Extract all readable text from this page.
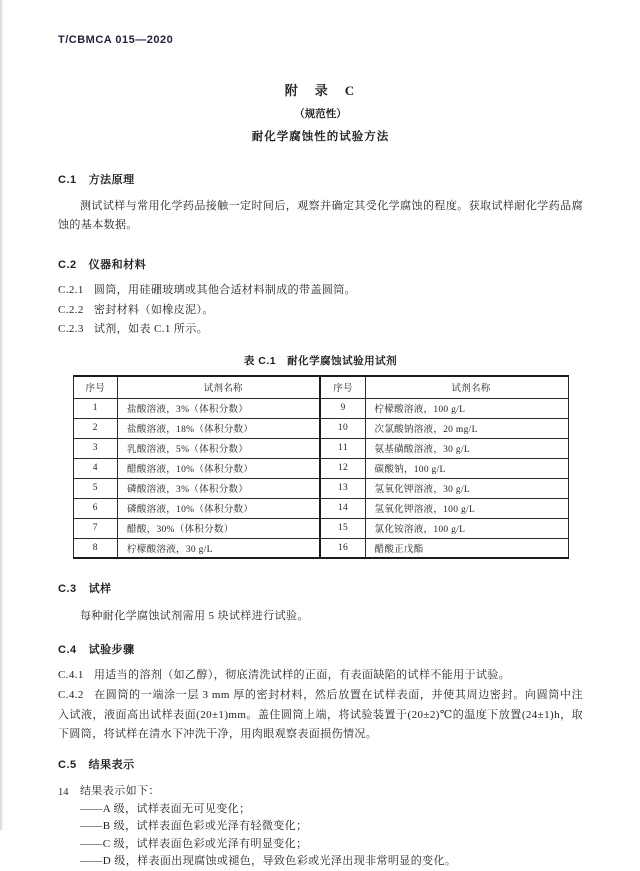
T/CBMCA 015—2020
附　录　C
（规范性）
耐化学腐蚀性的试验方法
C.1 方法原理

测试试样与常用化学药品接触一定时间后，观察并确定其受化学腐蚀的程度。获取试样耐化学药品腐蚀的基本数据。

C.2 仪器和材料

C.2.1 圆筒，用硅硼玻璃或其他合适材料制成的带盖圆筒。

C.2.2 密封材料（如橡皮泥）。

C.2.3 试剂，如表 C.1 所示。

表 C.1　耐化学腐蚀试验用试剂
序号	试剂名称	序号	试剂名称
1	盐酸溶液，3%（体积分数）	9	柠檬酸溶液，100 g/L
2	盐酸溶液，18%（体积分数）	10	次氯酸钠溶液，20 mg/L
3	乳酸溶液，5%（体积分数）	11	氨基磺酸溶液，30 g/L
4	醋酸溶液，10%（体积分数）	12	碳酸钠，100 g/L
5	磷酸溶液，3%（体积分数）	13	氢氧化钾溶液，30 g/L
6	磷酸溶液，10%（体积分数）	14	氢氧化钾溶液，100 g/L
7	醋酸，30%（体积分数）	15	氯化铵溶液，100 g/L
8	柠檬酸溶液，30 g/L	16	醋酸正戊酯
C.3 试样

每种耐化学腐蚀试剂需用 5 块试样进行试验。

C.4 试验步骤

C.4.1 用适当的溶剂（如乙醇），彻底清洗试样的正面，有表面缺陷的试样不能用于试验。

C.4.2 在圆筒的一端涂一层 3 mm 厚的密封材料，然后放置在试样表面，并使其周边密封。向圆筒中注入试液，液面高出试样表面(20±1)mm。盖住圆筒上端，将试验装置于(20±2)℃的温度下放置(24±1)h，取下圆筒，将试样在清水下冲洗干净，用肉眼观察表面损伤情况。

C.5 结果表示

结果表示如下：

——A 级，试样表面无可见变化；

——B 级，试样表面色彩或光泽有轻微变化；

——C 级，试样表面色彩或光泽有明显变化；

——D 级，样表面出现腐蚀或褪色，导致色彩或光泽出现非常明显的变化。

14
